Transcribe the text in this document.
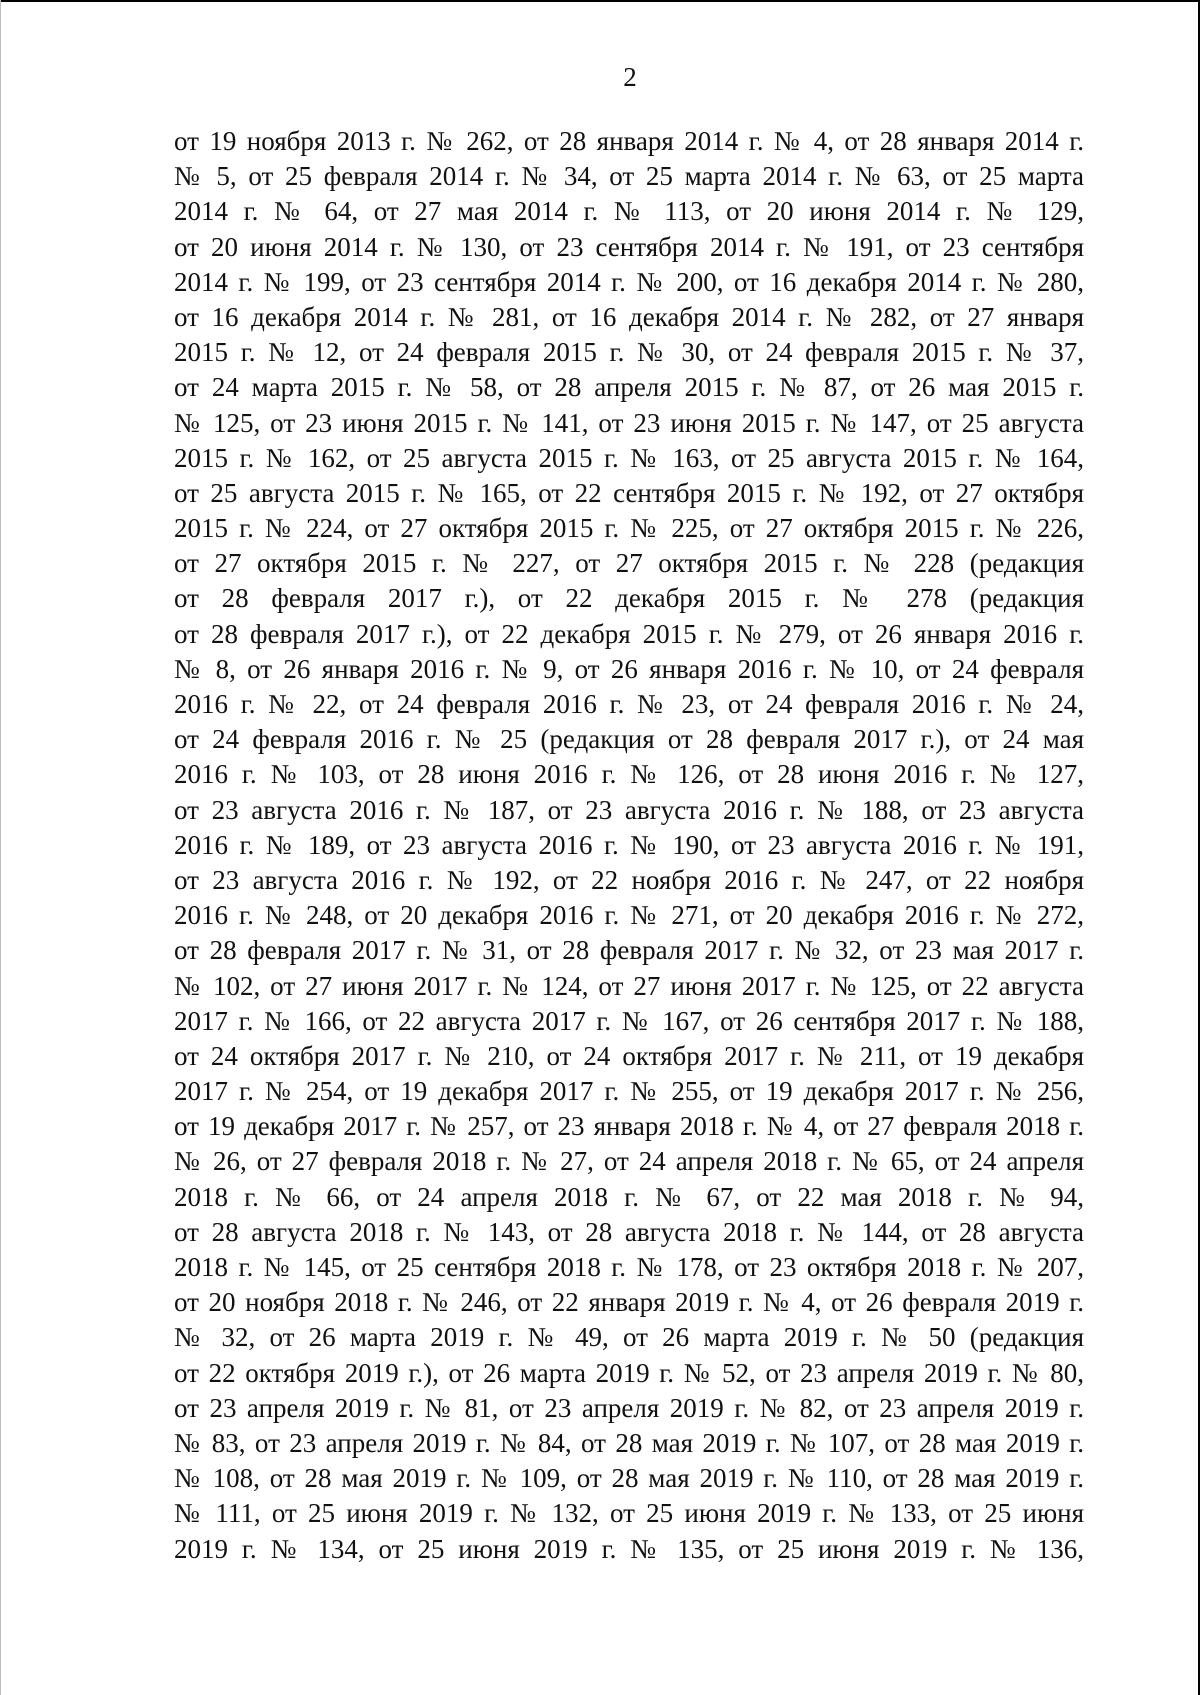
2
от 19 ноября 2013 г. № 262, от 28 января 2014 г. № 4, от 28 января 2014 г.
№ 5, от 25 февраля 2014 г. № 34, от 25 марта 2014 г. № 63, от 25 марта
2014 г. № 64, от 27 мая 2014 г. № 113, от 20 июня 2014 г. № 129,
от 20 июня 2014 г. № 130, от 23 сентября 2014 г. № 191, от 23 сентября
2014 г. № 199, от 23 сентября 2014 г. № 200, от 16 декабря 2014 г. № 280,
от 16 декабря 2014 г. № 281, от 16 декабря 2014 г. № 282, от 27 января
2015 г. № 12, от 24 февраля 2015 г. № 30, от 24 февраля 2015 г. № 37,
от 24 марта 2015 г. № 58, от 28 апреля 2015 г. № 87, от 26 мая 2015 г.
№ 125, от 23 июня 2015 г. № 141, от 23 июня 2015 г. № 147, от 25 августа
2015 г. № 162, от 25 августа 2015 г. № 163, от 25 августа 2015 г. № 164,
от 25 августа 2015 г. № 165, от 22 сентября 2015 г. № 192, от 27 октября
2015 г. № 224, от 27 октября 2015 г. № 225, от 27 октября 2015 г. № 226,
от 27 октября 2015 г. № 227, от 27 октября 2015 г. № 228 (редакция
от 28 февраля 2017 г.), от 22 декабря 2015 г. № 278 (редакция
от 28 февраля 2017 г.), от 22 декабря 2015 г. № 279, от 26 января 2016 г.
№ 8, от 26 января 2016 г. № 9, от 26 января 2016 г. № 10, от 24 февраля
2016 г. № 22, от 24 февраля 2016 г. № 23, от 24 февраля 2016 г. № 24,
от 24 февраля 2016 г. № 25 (редакция от 28 февраля 2017 г.), от 24 мая
2016 г. № 103, от 28 июня 2016 г. № 126, от 28 июня 2016 г. № 127,
от 23 августа 2016 г. № 187, от 23 августа 2016 г. № 188, от 23 августа
2016 г. № 189, от 23 августа 2016 г. № 190, от 23 августа 2016 г. № 191,
от 23 августа 2016 г. № 192, от 22 ноября 2016 г. № 247, от 22 ноября
2016 г. № 248, от 20 декабря 2016 г. № 271, от 20 декабря 2016 г. № 272,
от 28 февраля 2017 г. № 31, от 28 февраля 2017 г. № 32, от 23 мая 2017 г.
№ 102, от 27 июня 2017 г. № 124, от 27 июня 2017 г. № 125, от 22 августа
2017 г. № 166, от 22 августа 2017 г. № 167, от 26 сентября 2017 г. № 188,
от 24 октября 2017 г. № 210, от 24 октября 2017 г. № 211, от 19 декабря
2017 г. № 254, от 19 декабря 2017 г. № 255, от 19 декабря 2017 г. № 256,
от 19 декабря 2017 г. № 257, от 23 января 2018 г. № 4, от 27 февраля 2018 г.
№ 26, от 27 февраля 2018 г. № 27, от 24 апреля 2018 г. № 65, от 24 апреля
2018 г. № 66, от 24 апреля 2018 г. № 67, от 22 мая 2018 г. № 94,
от 28 августа 2018 г. № 143, от 28 августа 2018 г. № 144, от 28 августа
2018 г. № 145, от 25 сентября 2018 г. № 178, от 23 октября 2018 г. № 207,
от 20 ноября 2018 г. № 246, от 22 января 2019 г. № 4, от 26 февраля 2019 г.
№ 32, от 26 марта 2019 г. № 49, от 26 марта 2019 г. № 50 (редакция
от 22 октября 2019 г.), от 26 марта 2019 г. № 52, от 23 апреля 2019 г. № 80,
от 23 апреля 2019 г. № 81, от 23 апреля 2019 г. № 82, от 23 апреля 2019 г.
№ 83, от 23 апреля 2019 г. № 84, от 28 мая 2019 г. № 107, от 28 мая 2019 г.
№ 108, от 28 мая 2019 г. № 109, от 28 мая 2019 г. № 110, от 28 мая 2019 г.
№ 111, от 25 июня 2019 г. № 132, от 25 июня 2019 г. № 133, от 25 июня
2019 г. № 134, от 25 июня 2019 г. № 135, от 25 июня 2019 г. № 136,
